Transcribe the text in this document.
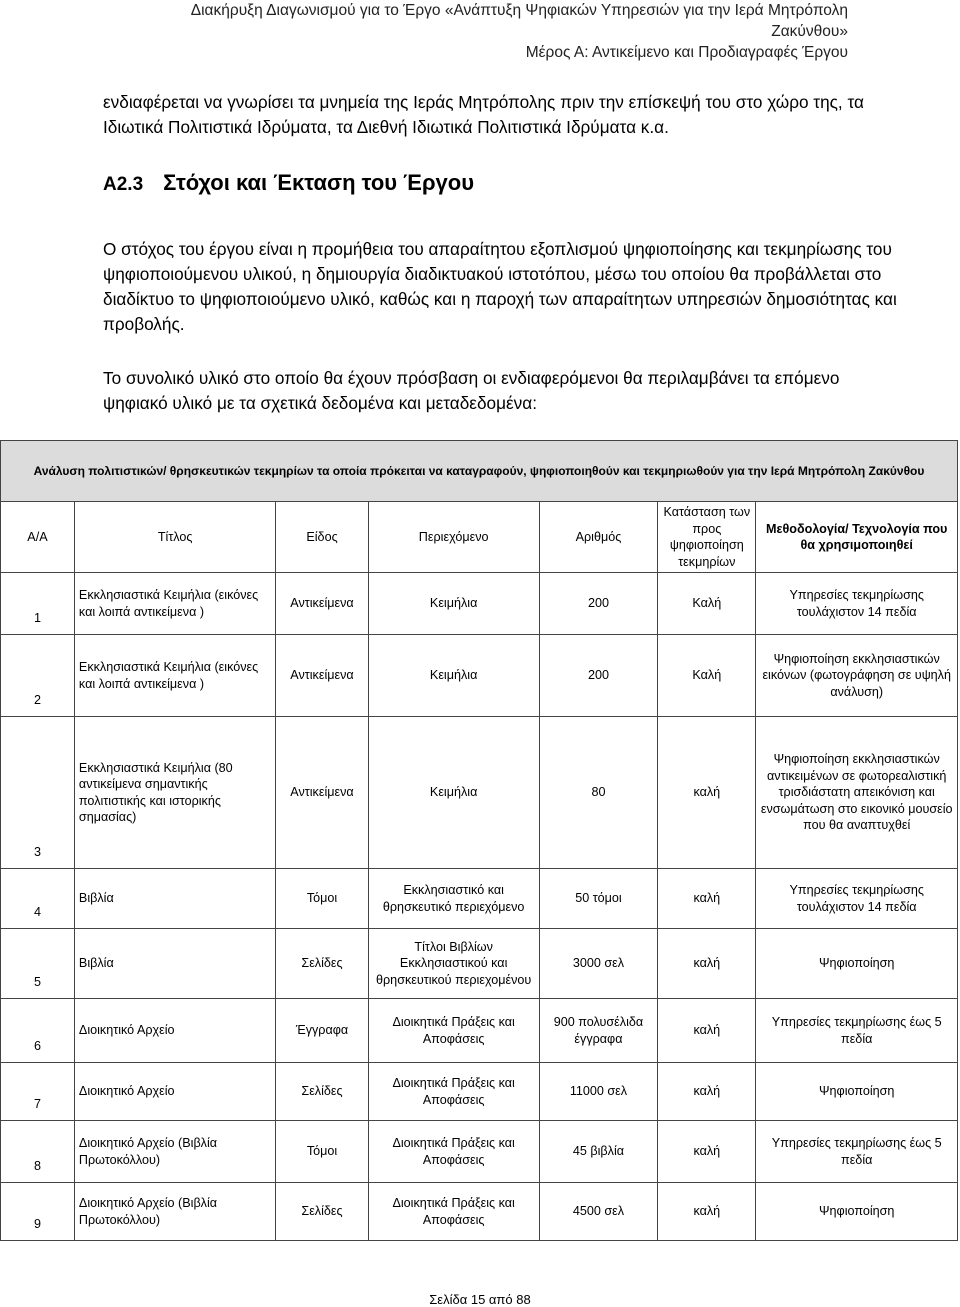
Διακήρυξη Διαγωνισμού για το Έργο «Ανάπτυξη Ψηφιακών Υπηρεσιών για την Ιερά Μητρόπολη
Ζακύνθου»
Μέρος Α: Αντικείμενο και Προδιαγραφές Έργου
ενδιαφέρεται να γνωρίσει τα μνημεία της Ιεράς Μητρόπολης πριν την επίσκεψή του στο χώρο της, τα Ιδιωτικά Πολιτιστικά Ιδρύματα, τα Διεθνή Ιδιωτικά Πολιτιστικά Ιδρύματα κ.α.
Α2.3 Στόχοι και Έκταση του Έργου
Ο στόχος του έργου είναι η προμήθεια του απαραίτητου εξοπλισμού ψηφιοποίησης και τεκμηρίωσης του ψηφιοποιούμενου υλικού, η δημιουργία διαδικτυακού ιστοτόπου, μέσω του οποίου θα προβάλλεται στο διαδίκτυο το ψηφιοποιούμενο υλικό, καθώς και η παροχή των απαραίτητων υπηρεσιών δημοσιότητας και προβολής.
Το συνολικό υλικό στο οποίο θα έχουν πρόσβαση οι ενδιαφερόμενοι θα περιλαμβάνει τα επόμενο ψηφιακό υλικό με τα σχετικά δεδομένα και μεταδεδομένα:
Ανάλυση πολιτιστικών/ θρησκευτικών τεκμηρίων τα οποία πρόκειται να καταγραφούν, ψηφιοποιηθούν και τεκμηριωθούν για την Ιερά Μητρόπολη Ζακύνθου						
Α/Α	Τίτλος	Είδος	Περιεχόμενο	Αριθμός	Κατάσταση των προς ψηφιοποίηση τεκμηρίων	Μεθοδολογία/ Τεχνολογία που θα χρησιμοποιηθεί
1	Εκκλησιαστικά Κειμήλια (εικόνες και λοιπά αντικείμενα )	Αντικείμενα	Κειμήλια	200	Καλή	Υπηρεσίες τεκμηρίωσης τουλάχιστον 14 πεδία
2	Εκκλησιαστικά Κειμήλια (εικόνες και λοιπά αντικείμενα )	Αντικείμενα	Κειμήλια	200	Καλή	Ψηφιοποίηση εκκλησιαστικών εικόνων (φωτογράφηση σε υψηλή ανάλυση)
3	Εκκλησιαστικά Κειμήλια (80 αντικείμενα σημαντικής πολιτιστικής και ιστορικής σημασίας)	Αντικείμενα	Κειμήλια	80	καλή	Ψηφιοποίηση εκκλησιαστικών αντικειμένων σε φωτορεαλιστική τρισδιάστατη απεικόνιση και ενσωμάτωση στο εικονικό μουσείο που θα αναπτυχθεί
4	Βιβλία	Τόμοι	Εκκλησιαστικό και θρησκευτικό περιεχόμενο	50 τόμοι	καλή	Υπηρεσίες τεκμηρίωσης τουλάχιστον 14 πεδία
5	Βιβλία	Σελίδες	Τίτλοι Βιβλίων Εκκλησιαστικού και θρησκευτικού περιεχομένου	3000 σελ	καλή	Ψηφιοποίηση
6	Διοικητικό Αρχείο	Έγγραφα	Διοικητικά Πράξεις και Αποφάσεις	900 πολυσέλιδα έγγραφα	καλή	Υπηρεσίες τεκμηρίωσης έως 5 πεδία
7	Διοικητικό Αρχείο	Σελίδες	Διοικητικά Πράξεις και Αποφάσεις	11000 σελ	καλή	Ψηφιοποίηση
8	Διοικητικό Αρχείο (Βιβλία Πρωτοκόλλου)	Τόμοι	Διοικητικά Πράξεις και Αποφάσεις	45 βιβλία	καλή	Υπηρεσίες τεκμηρίωσης έως 5 πεδία
9	Διοικητικό Αρχείο (Βιβλία Πρωτοκόλλου)	Σελίδες	Διοικητικά Πράξεις και Αποφάσεις	4500 σελ	καλή	Ψηφιοποίηση
Σελίδα 15 από 88
